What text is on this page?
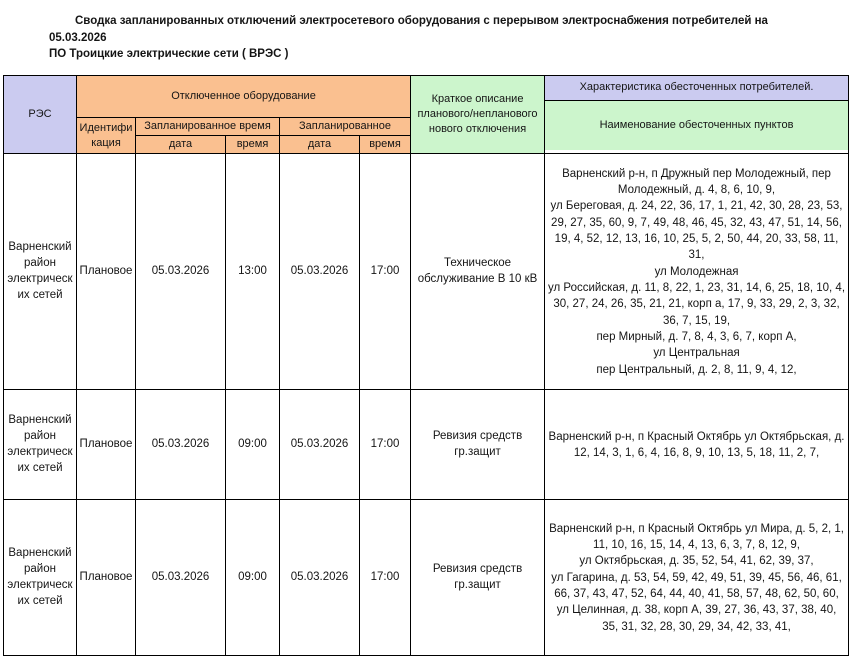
Сводка запланированных отключений электросетевого оборудования с перерывом электроснабжения потребителей на
05.03.2026
ПО Троицкие электрические сети ( ВРЭС )
РЭС	Отключенное оборудование					Краткое описание планового/непланового нового отключения	Характеристика обесточенных потребителей.
Наименование обесточенных пунктов

	Идентификация	Запланированное время		Запланированное			
		дата	время	дата	время		
Варненский район электрических сетей	Плановое	05.03.2026	13:00	05.03.2026	17:00	Техническое обслуживание В 10 кВ	
Варненский р-н, п Дружный пер Молодежный, пер Молодежный, д. 4, 8, 6, 10, 9,
ул Береговая, д. 24, 22, 36, 17, 1, 21, 42, 30, 28, 23, 53, 29, 27, 35, 60, 9, 7, 49, 48, 46, 45, 32, 43, 47, 51, 14, 56, 19, 4, 52, 12, 13, 16, 10, 25, 5, 2, 50, 44, 20, 33, 58, 11, 31,
ул Молодежная
ул Российская, д. 11, 8, 22, 1, 23, 31, 14, 6, 25, 18, 10, 4, 30, 27, 24, 26, 35, 21, 21, корп а, 17, 9, 33, 29, 2, 3, 32, 36, 7, 15, 19,
пер Мирный, д. 7, 8, 4, 3, 6, 7, корп А,
ул Центральная
пер Центральный, д. 2, 8, 11, 9, 4, 12,

Варненский район электрических сетей	Плановое	05.03.2026	09:00	05.03.2026	17:00	Ревизия средств гр.защит	Варненский р-н, п Красный Октябрь ул Октябрьская, д. 12, 14, 3, 1, 6, 4, 16, 8, 9, 10, 13, 5, 18, 11, 2, 7,

Варненский район электрических сетей	Плановое	05.03.2026	09:00	05.03.2026	17:00	Ревизия средств гр.защит	Варненский р-н, п Красный Октябрь ул Мира, д. 5, 2, 1, 11, 10, 16, 15, 14, 4, 13, 6, 3, 7, 8, 12, 9,
ул Октябрьская, д. 35, 52, 54, 41, 62, 39, 37,
ул Гагарина, д. 53, 54, 59, 42, 49, 51, 39, 45, 56, 46, 61, 66, 37, 43, 47, 52, 64, 44, 40, 41, 58, 57, 48, 62, 50, 60,
ул Целинная, д. 38, корп А, 39, 27, 36, 43, 37, 38, 40, 35, 31, 32, 28, 30, 29, 34, 42, 33, 41,
